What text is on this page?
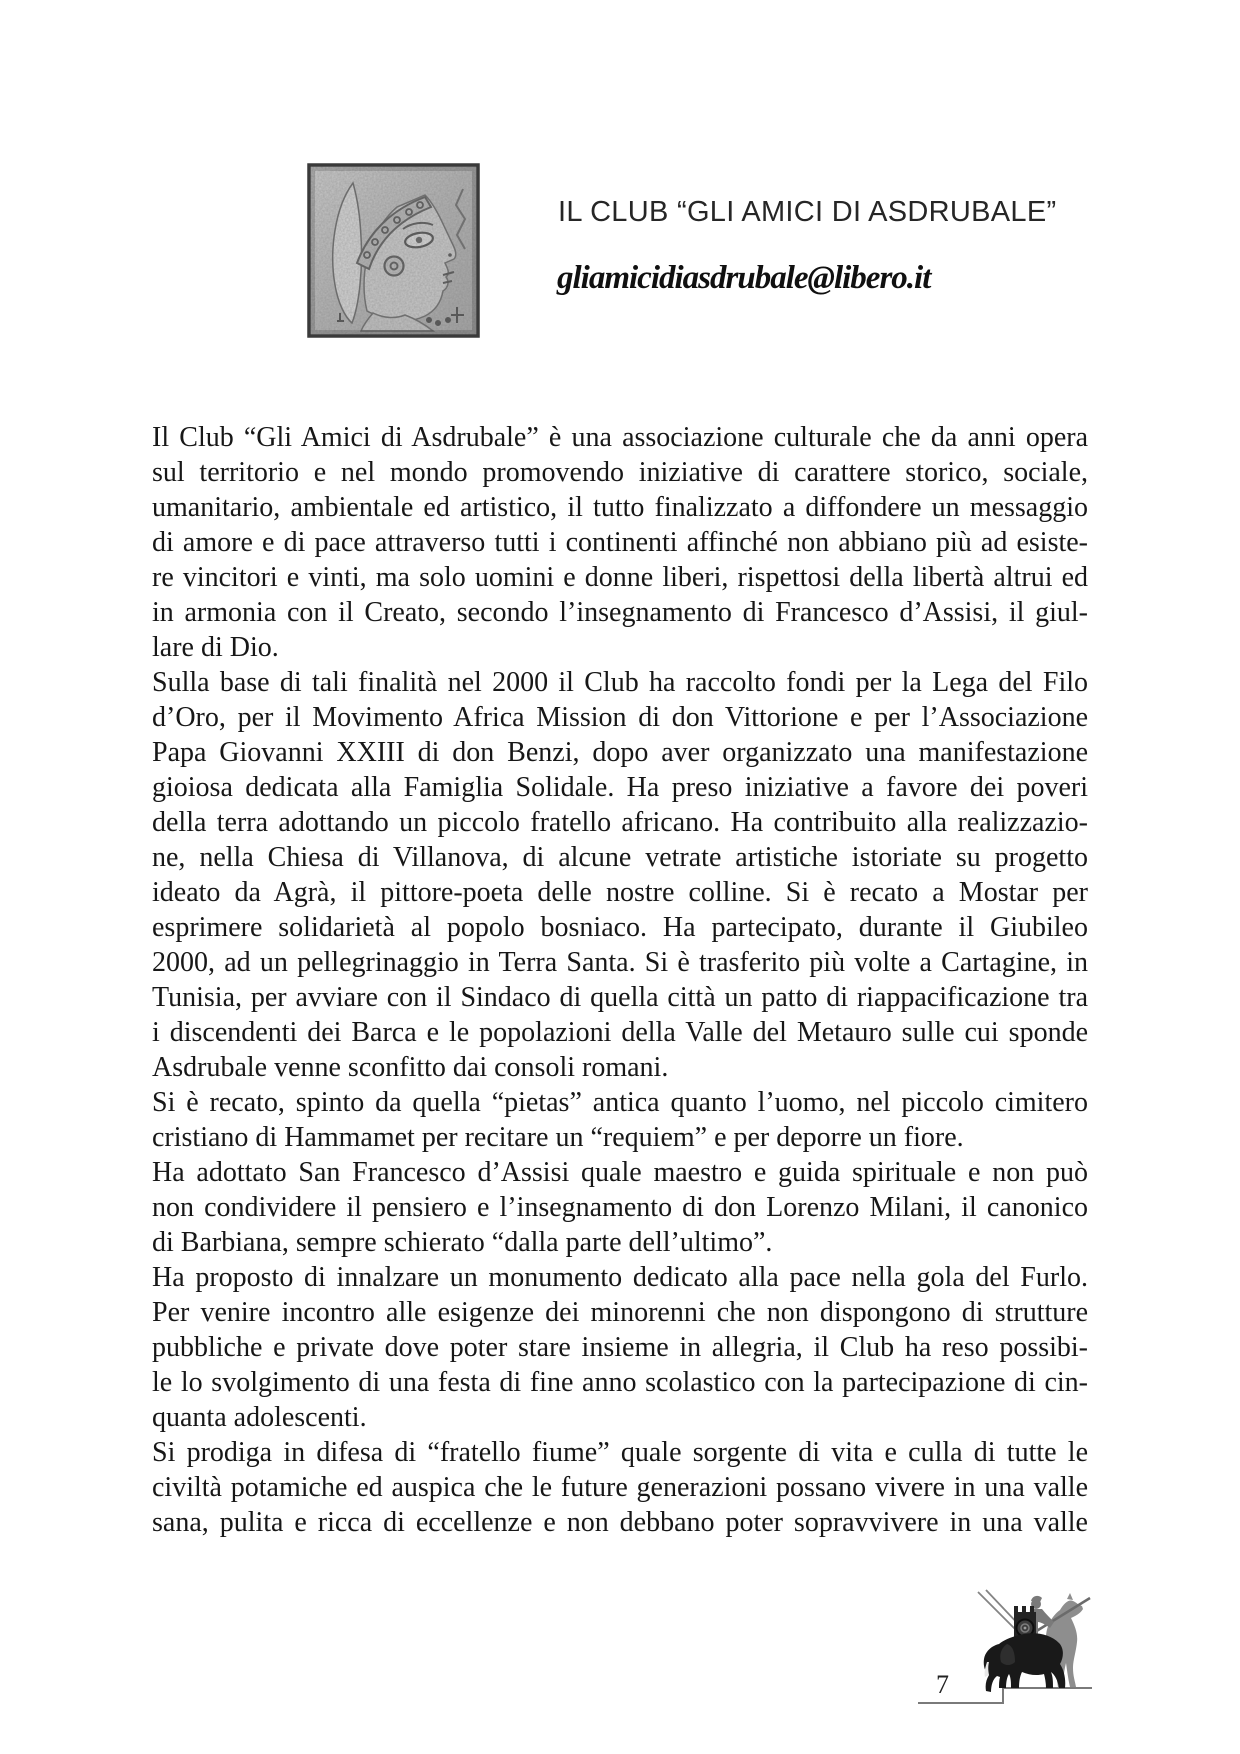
IL CLUB “GLI AMICI DI ASDRUBALE”
gliamicidiasdrubale@libero.it
Il Club “Gli Amici di Asdrubale” è una associazione culturale che da anni opera
sul territorio e nel mondo promovendo iniziative di carattere storico, sociale,
umanitario, ambientale ed artistico, il tutto finalizzato a diffondere un messaggio
di amore e di pace attraverso tutti i continenti affinché non abbiano più ad esiste-
re vincitori e vinti, ma solo uomini e donne liberi, rispettosi della libertà altrui ed
in armonia con il Creato, secondo l’insegnamento di Francesco d’Assisi, il giul-
lare di Dio.
Sulla base di tali finalità nel 2000 il Club ha raccolto fondi per la Lega del Filo
d’Oro, per il Movimento Africa Mission di don Vittorione e per l’Associazione
Papa Giovanni XXIII di don Benzi, dopo aver organizzato una manifestazione
gioiosa dedicata alla Famiglia Solidale. Ha preso iniziative a favore dei poveri
della terra adottando un piccolo fratello africano. Ha contribuito alla realizzazio-
ne, nella Chiesa di Villanova, di alcune vetrate artistiche istoriate su progetto
ideato da Agrà, il pittore-poeta delle nostre colline. Si è recato a Mostar per
esprimere solidarietà al popolo bosniaco. Ha partecipato, durante il Giubileo
2000, ad un pellegrinaggio in Terra Santa. Si è trasferito più volte a Cartagine, in
Tunisia, per avviare con il Sindaco di quella città un patto di riappacificazione tra
i discendenti dei Barca e le popolazioni della Valle del Metauro sulle cui sponde
Asdrubale venne sconfitto dai consoli romani.
Si è recato, spinto da quella “pietas” antica quanto l’uomo, nel piccolo cimitero
cristiano di Hammamet per recitare un “requiem” e per deporre un fiore.
Ha adottato San Francesco d’Assisi quale maestro e guida spirituale e non può
non condividere il pensiero e l’insegnamento di don Lorenzo Milani, il canonico
di Barbiana, sempre schierato “dalla parte dell’ultimo”.
Ha proposto di innalzare un monumento dedicato alla pace nella gola del Furlo.
Per venire incontro alle esigenze dei minorenni che non dispongono di strutture
pubbliche e private dove poter stare insieme in allegria, il Club ha reso possibi-
le lo svolgimento di una festa di fine anno scolastico con la partecipazione di cin-
quanta adolescenti.
Si prodiga in difesa di “fratello fiume” quale sorgente di vita e culla di tutte le
civiltà potamiche ed auspica che le future generazioni possano vivere in una valle
sana, pulita e ricca di eccellenze e non debbano poter sopravvivere in una valle
7
